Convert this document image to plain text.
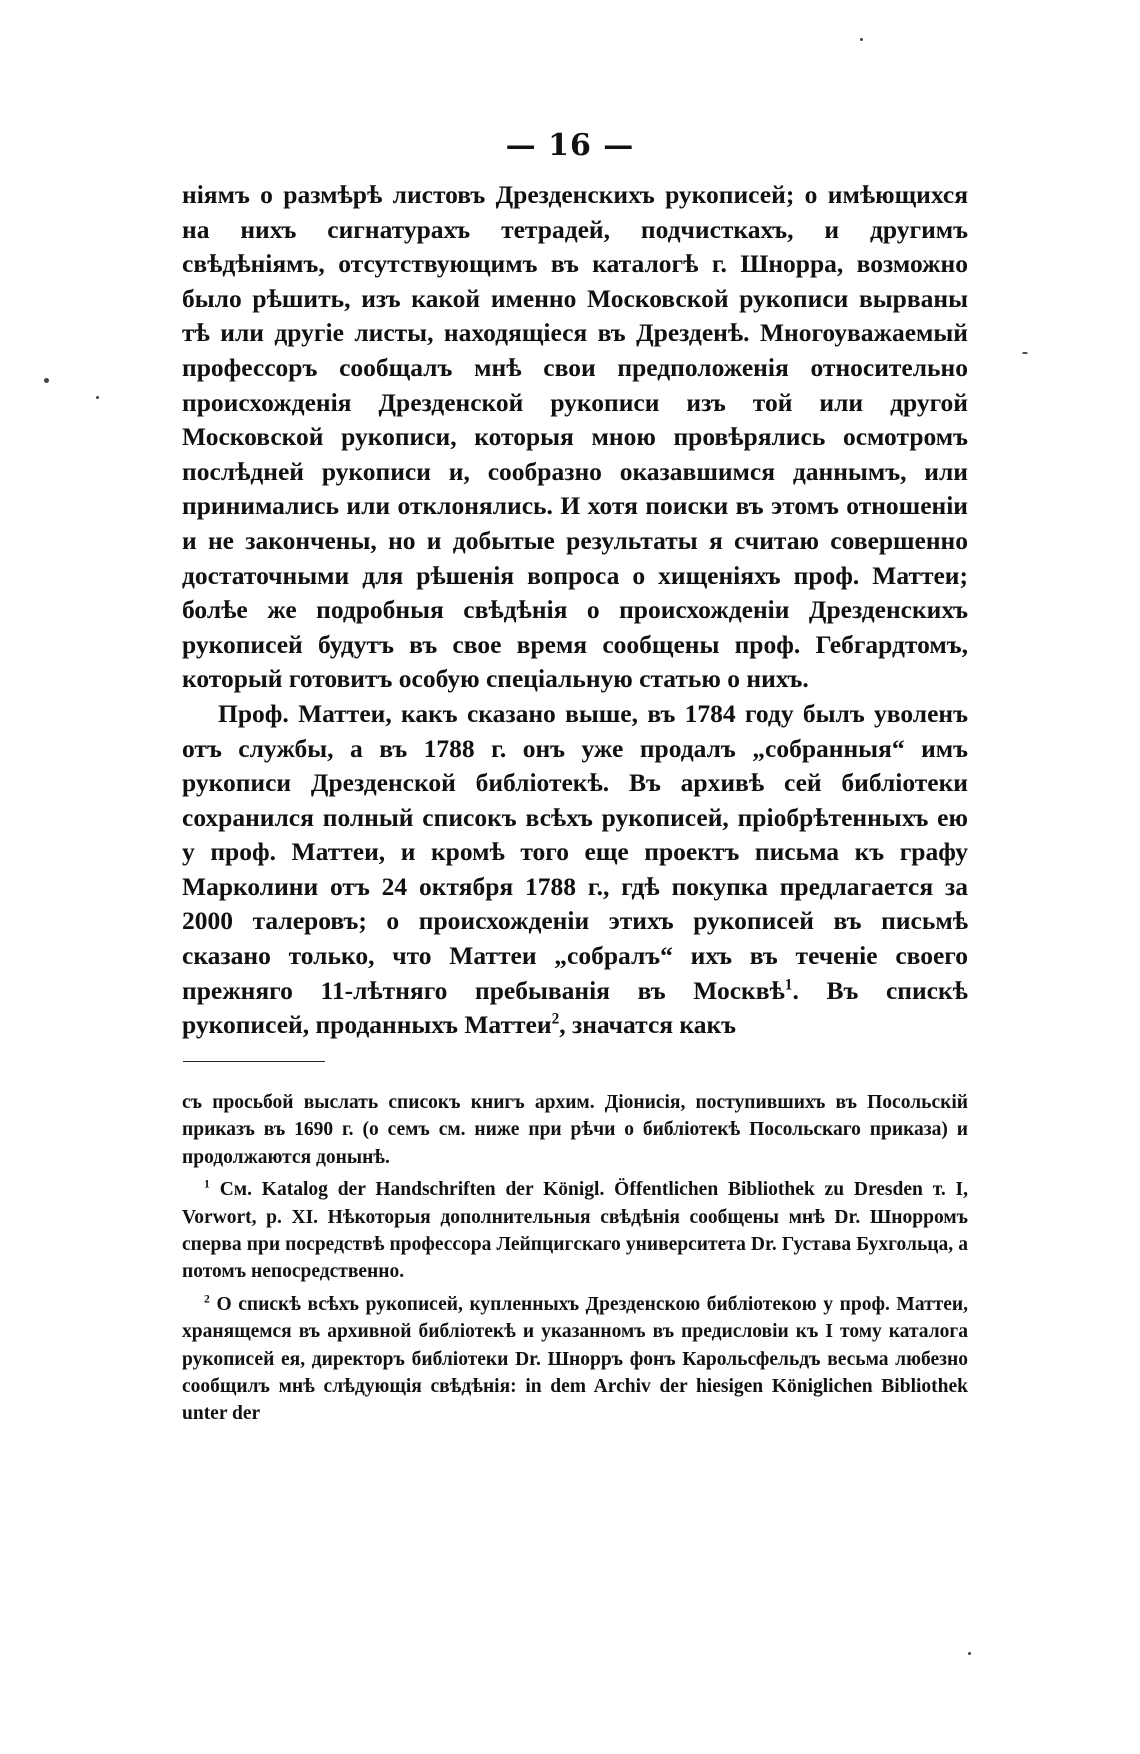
— 16 —

ніямъ о размѣрѣ листовъ Дрезденскихъ рукописей; о имѣющихся на нихъ сигнатурахъ тетрадей, подчисткахъ, и другимъ свѣдѣніямъ, отсутствующимъ въ каталогѣ г. Шнорра, возможно было рѣшить, изъ какой именно Московской рукописи вырваны тѣ или другіе листы, находящіеся въ Дрезденѣ. Многоуважаемый профессоръ сообщалъ мнѣ свои предположенія относительно происхожденія Дрезденской рукописи изъ той или другой Московской рукописи, которыя мною провѣрялись осмотромъ послѣдней рукописи и, сообразно оказавшимся даннымъ, или принимались или отклонялись. И хотя поиски въ этомъ отношеніи и не закончены, но и добытые результаты я считаю совершенно достаточными для рѣшенія вопроса о хищеніяхъ проф. Маттеи; болѣе же подробныя свѣдѣнія о происхожденіи Дрезденскихъ рукописей будутъ въ свое время сообщены проф. Гебгардтомъ, который готовитъ особую спеціальную статью о нихъ.

Проф. Маттеи, какъ сказано выше, въ 1784 году былъ уволенъ отъ службы, а въ 1788 г. онъ уже продалъ „собранныя“ имъ рукописи Дрезденской библіотекѣ. Въ архивѣ сей библіотеки сохранился полный списокъ всѣхъ рукописей, пріобрѣтенныхъ ею у проф. Маттеи, и кромѣ того еще проектъ письма къ графу Марколини отъ 24 октября 1788 г., гдѣ покупка предлагается за 2000 талеровъ; о происхожденіи этихъ рукописей въ письмѣ сказано только, что Маттеи „собралъ“ ихъ въ теченіе своего прежняго 11-лѣтняго пребыванія въ Москвѣ$^1$. Въ спискѣ рукописей, проданныхъ Маттеи$^2$, значатся какъ

съ просьбой выслать списокъ книгъ архим. Діонисія, поступившихъ въ Посольскій приказъ въ 1690 г. (о семъ см. ниже при рѣчи о библіотекѣ Посольскаго приказа) и продолжаются донынѣ.

$^1$ См. Katalog der Handschriften der Königl. Öffentlichen Bibliothek zu Dresden т. I, Vorwort, p. XI. Нѣкоторыя дополнительныя свѣдѣнія сообщены мнѣ Dr. Шнорромъ сперва при посредствѣ профессора Лейпцигскаго университета Dr. Густава Бухгольца, а потомъ непосредственно.

$^2$ О спискѣ всѣхъ рукописей, купленныхъ Дрезденскою библіотекою у проф. Маттеи, хранящемся въ архивной библіотекѣ и указанномъ въ предисловіи къ I тому каталога рукописей ея, директоръ библіотеки Dr. Шнорръ фонъ Карольсфельдъ весьма любезно сообщилъ мнѣ слѣдующія свѣдѣнія: in dem Archiv der hiesigen Königlichen Bibliothek unter der
